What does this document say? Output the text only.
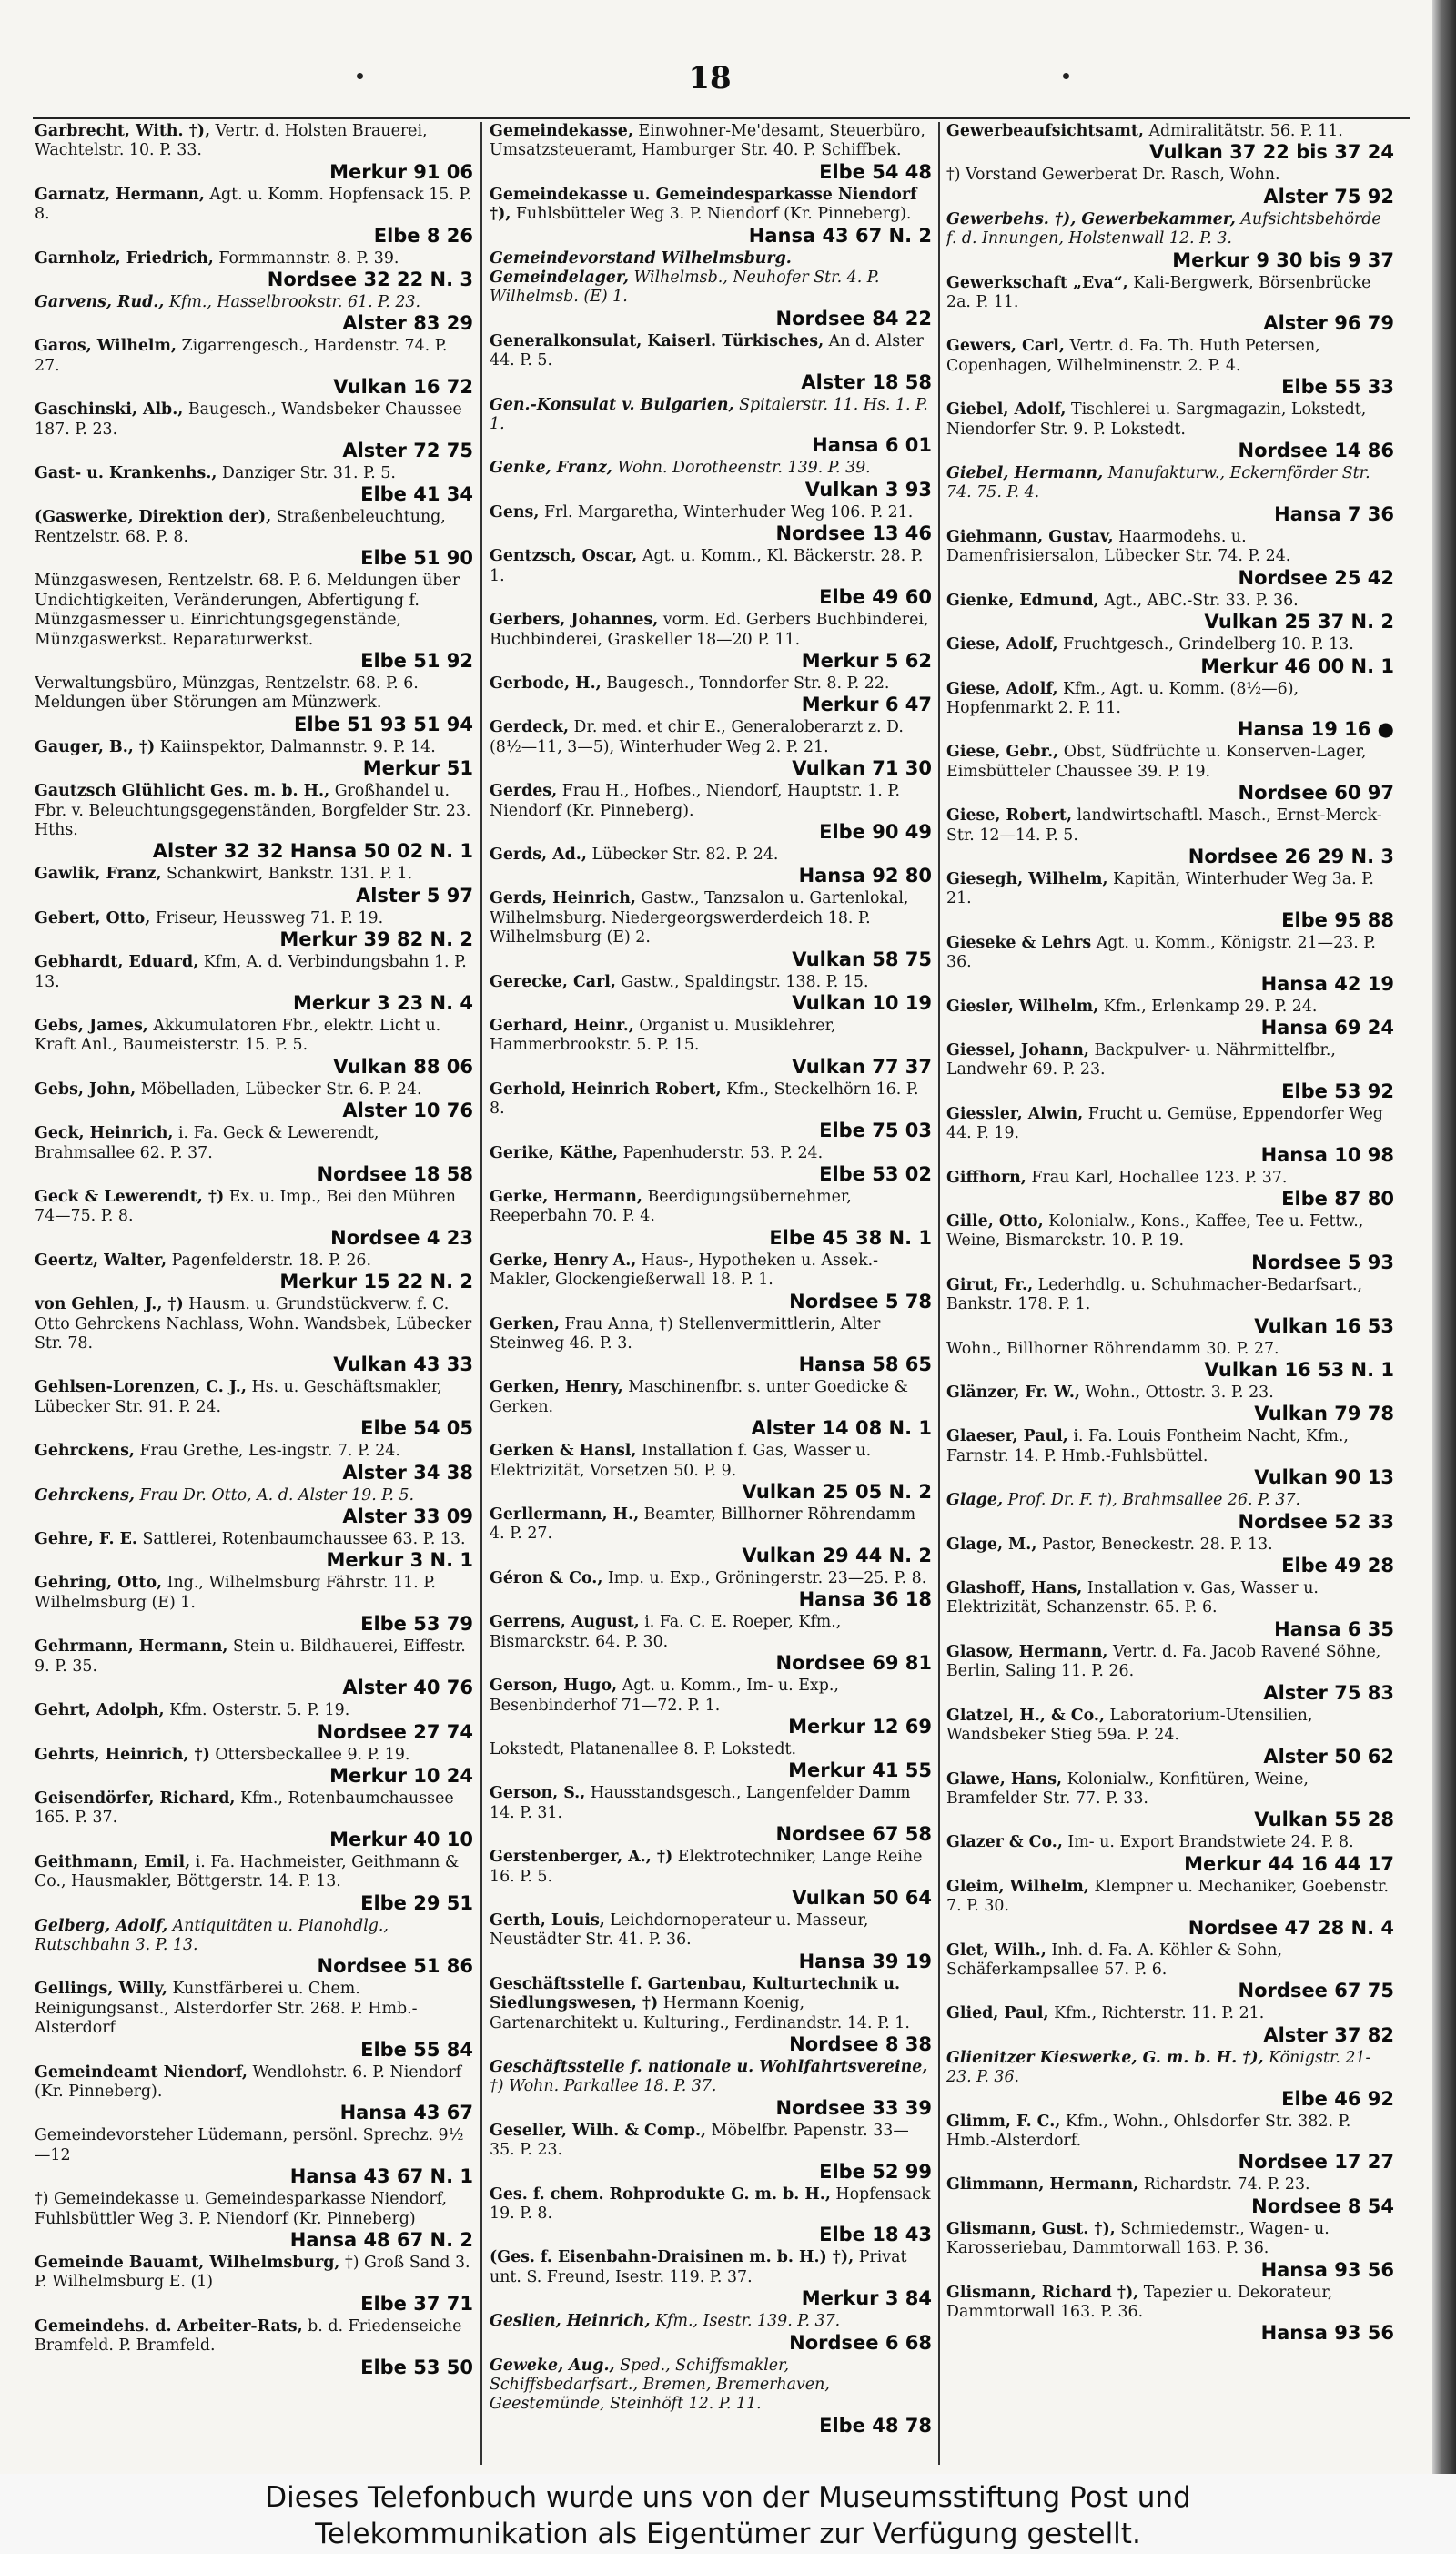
18
Garbrecht, With. †), Vertr. d. Holsten Brauerei, Wachtelstr. 10. P. 33.
Merkur 91 06
Garnatz, Hermann, Agt. u. Komm. Hopfensack 15. P. 8.
Elbe 8 26
Garnholz, Friedrich, Formmannstr. 8. P. 39.
Nordsee 32 22 N. 3
Garvens, Rud., Kfm., Hasselbrookstr. 61. P. 23.
Alster 83 29
Garos, Wilhelm, Zigarrengesch., Hardenstr. 74. P. 27.
Vulkan 16 72
Gaschinski, Alb., Baugesch., Wandsbeker Chaussee 187. P. 23.
Alster 72 75
Gast- u. Krankenhs., Danziger Str. 31. P. 5.
Elbe 41 34
(Gaswerke, Direktion der), Straßenbeleuchtung, Rentzelstr. 68. P. 8.
Elbe 51 90
Münzgaswesen, Rentzelstr. 68. P. 6. Meldungen über Undichtigkeiten, Veränderungen, Abfertigung f. Münzgasmesser u. Einrichtungsgegenstände, Münzgaswerkst. Reparaturwerkst.
Elbe 51 92
Verwaltungsbüro, Münzgas, Rentzelstr. 68. P. 6. Meldungen über Störungen am Münzwerk.
Elbe 51 93 51 94
Gauger, B., †) Kaiinspektor, Dalmannstr. 9. P. 14.
Merkur 51
Gautzsch Glühlicht Ges. m. b. H., Großhandel u. Fbr. v. Beleuchtungsgegenständen, Borgfelder Str. 23. Hths.
Alster 32 32 Hansa 50 02 N. 1
Gawlik, Franz, Schankwirt, Bankstr. 131. P. 1.
Alster 5 97
Gebert, Otto, Friseur, Heussweg 71. P. 19.
Merkur 39 82 N. 2
Gebhardt, Eduard, Kfm, A. d. Verbindungsbahn 1. P. 13.
Merkur 3 23 N. 4
Gebs, James, Akkumulatoren Fbr., elektr. Licht u. Kraft Anl., Baumeisterstr. 15. P. 5.
Vulkan 88 06
Gebs, John, Möbelladen, Lübecker Str. 6. P. 24.
Alster 10 76
Geck, Heinrich, i. Fa. Geck & Lewerendt, Brahmsallee 62. P. 37.
Nordsee 18 58
Geck & Lewerendt, †) Ex. u. Imp., Bei den Mühren 74—75. P. 8.
Nordsee 4 23
Geertz, Walter, Pagenfelderstr. 18. P. 26.
Merkur 15 22 N. 2
von Gehlen, J., †) Hausm. u. Grundstückverw. f. C. Otto Gehrckens Nachlass, Wohn. Wandsbek, Lübecker Str. 78.
Vulkan 43 33
Gehlsen-Lorenzen, C. J., Hs. u. Geschäftsmakler, Lübecker Str. 91. P. 24.
Elbe 54 05
Gehrckens, Frau Grethe, Les-ingstr. 7. P. 24.
Alster 34 38
Gehrckens, Frau Dr. Otto, A. d. Alster 19. P. 5.
Alster 33 09
Gehre, F. E. Sattlerei, Rotenbaumchaussee 63. P. 13.
Merkur 3 N. 1
Gehring, Otto, Ing., Wilhelmsburg Fährstr. 11. P. Wilhelmsburg (E) 1.
Elbe 53 79
Gehrmann, Hermann, Stein u. Bildhauerei, Eiffestr. 9. P. 35.
Alster 40 76
Gehrt, Adolph, Kfm. Osterstr. 5. P. 19.
Nordsee 27 74
Gehrts, Heinrich, †) Ottersbeckallee 9. P. 19.
Merkur 10 24
Geisendörfer, Richard, Kfm., Rotenbaumchaussee 165. P. 37.
Merkur 40 10
Geithmann, Emil, i. Fa. Hachmeister, Geithmann & Co., Hausmakler, Böttgerstr. 14. P. 13.
Elbe 29 51
Gelberg, Adolf, Antiquitäten u. Pianohdlg., Rutschbahn 3. P. 13.
Nordsee 51 86
Gellings, Willy, Kunstfärberei u. Chem. Reinigungsanst., Alsterdorfer Str. 268. P. Hmb.-Alsterdorf
Elbe 55 84
Gemeindeamt Niendorf, Wendlohstr. 6. P. Niendorf (Kr. Pinneberg).
Hansa 43 67
Gemeindevorsteher Lüdemann, persönl. Sprechz. 9½—12
Hansa 43 67 N. 1
†) Gemeindekasse u. Gemeindesparkasse Niendorf, Fuhlsbüttler Weg 3. P. Niendorf (Kr. Pinneberg)
Hansa 48 67 N. 2
Gemeinde Bauamt, Wilhelmsburg, †) Groß Sand 3. P. Wilhelmsburg E. (1)
Elbe 37 71
Gemeindehs. d. Arbeiter-Rats, b. d. Friedenseiche Bramfeld. P. Bramfeld.
Elbe 53 50
Gemeindekasse, Einwohner-Me'desamt, Steuerbüro, Umsatzsteueramt, Hamburger Str. 40. P. Schiffbek.
Elbe 54 48
Gemeindekasse u. Gemeindesparkasse Niendorf †), Fuhlsbütteler Weg 3. P. Niendorf (Kr. Pinneberg).
Hansa 43 67 N. 2
Gemeindevorstand Wilhelmsburg. Gemeindelager, Wilhelmsb., Neuhofer Str. 4. P. Wilhelmsb. (E) 1.
Nordsee 84 22
Generalkonsulat, Kaiserl. Türkisches, An d. Alster 44. P. 5.
Alster 18 58
Gen.-Konsulat v. Bulgarien, Spitalerstr. 11. Hs. 1. P. 1.
Hansa 6 01
Genke, Franz, Wohn. Dorotheenstr. 139. P. 39.
Vulkan 3 93
Gens, Frl. Margaretha, Winterhuder Weg 106. P. 21.
Nordsee 13 46
Gentzsch, Oscar, Agt. u. Komm., Kl. Bäckerstr. 28. P. 1.
Elbe 49 60
Gerbers, Johannes, vorm. Ed. Gerbers Buchbinderei, Buchbinderei, Graskeller 18—20 P. 11.
Merkur 5 62
Gerbode, H., Baugesch., Tonndorfer Str. 8. P. 22.
Merkur 6 47
Gerdeck, Dr. med. et chir E., Generaloberarzt z. D. (8½—11, 3—5), Winterhuder Weg 2. P. 21.
Vulkan 71 30
Gerdes, Frau H., Hofbes., Niendorf, Hauptstr. 1. P. Niendorf (Kr. Pinneberg).
Elbe 90 49
Gerds, Ad., Lübecker Str. 82. P. 24.
Hansa 92 80
Gerds, Heinrich, Gastw., Tanzsalon u. Gartenlokal, Wilhelmsburg. Niedergeorgswerderdeich 18. P. Wilhelmsburg (E) 2.
Vulkan 58 75
Gerecke, Carl, Gastw., Spaldingstr. 138. P. 15.
Vulkan 10 19
Gerhard, Heinr., Organist u. Musiklehrer, Hammerbrookstr. 5. P. 15.
Vulkan 77 37
Gerhold, Heinrich Robert, Kfm., Steckelhörn 16. P. 8.
Elbe 75 03
Gerike, Käthe, Papenhuderstr. 53. P. 24.
Elbe 53 02
Gerke, Hermann, Beerdigungsübernehmer, Reeperbahn 70. P. 4.
Elbe 45 38 N. 1
Gerke, Henry A., Haus-, Hypotheken u. Assek.-Makler, Glockengießerwall 18. P. 1.
Nordsee 5 78
Gerken, Frau Anna, †) Stellenvermittlerin, Alter Steinweg 46. P. 3.
Hansa 58 65
Gerken, Henry, Maschinenfbr. s. unter Goedicke & Gerken.
Alster 14 08 N. 1
Gerken & Hansl, Installation f. Gas, Wasser u. Elektrizität, Vorsetzen 50. P. 9.
Vulkan 25 05 N. 2
Gerllermann, H., Beamter, Billhorner Röhrendamm 4. P. 27.
Vulkan 29 44 N. 2
Géron & Co., Imp. u. Exp., Gröningerstr. 23—25. P. 8.
Hansa 36 18
Gerrens, August, i. Fa. C. E. Roeper, Kfm., Bismarckstr. 64. P. 30.
Nordsee 69 81
Gerson, Hugo, Agt. u. Komm., Im- u. Exp., Besenbinderhof 71—72. P. 1.
Merkur 12 69
Lokstedt, Platanenallee 8. P. Lokstedt.
Merkur 41 55
Gerson, S., Hausstandsgesch., Langenfelder Damm 14. P. 31.
Nordsee 67 58
Gerstenberger, A., †) Elektrotechniker, Lange Reihe 16. P. 5.
Vulkan 50 64
Gerth, Louis, Leichdornoperateur u. Masseur, Neustädter Str. 41. P. 36.
Hansa 39 19
Geschäftsstelle f. Gartenbau, Kulturtechnik u. Siedlungswesen, †) Hermann Koenig, Gartenarchitekt u. Kulturing., Ferdinandstr. 14. P. 1.
Nordsee 8 38
Geschäftsstelle f. nationale u. Wohlfahrtsvereine, †) Wohn. Parkallee 18. P. 37.
Nordsee 33 39
Geseller, Wilh. & Comp., Möbelfbr. Papenstr. 33—35. P. 23.
Elbe 52 99
Ges. f. chem. Rohprodukte G. m. b. H., Hopfensack 19. P. 8.
Elbe 18 43
(Ges. f. Eisenbahn-Draisinen m. b. H.) †), Privat unt. S. Freund, Isestr. 119. P. 37.
Merkur 3 84
Geslien, Heinrich, Kfm., Isestr. 139. P. 37.
Nordsee 6 68
Geweke, Aug., Sped., Schiffsmakler, Schiffsbedarfsart., Bremen, Bremerhaven, Geestemünde, Steinhöft 12. P. 11.
Elbe 48 78
Gewerbeaufsichtsamt, Admiralitätstr. 56. P. 11.
Vulkan 37 22 bis 37 24
†) Vorstand Gewerberat Dr. Rasch, Wohn.
Alster 75 92
Gewerbehs. †), Gewerbekammer, Aufsichtsbehörde f. d. Innungen, Holstenwall 12. P. 3.
Merkur 9 30 bis 9 37
Gewerkschaft „Eva“, Kali-Bergwerk, Börsenbrücke 2a. P. 11.
Alster 96 79
Gewers, Carl, Vertr. d. Fa. Th. Huth Petersen, Copenhagen, Wilhelminenstr. 2. P. 4.
Elbe 55 33
Giebel, Adolf, Tischlerei u. Sargmagazin, Lokstedt, Niendorfer Str. 9. P. Lokstedt.
Nordsee 14 86
Giebel, Hermann, Manufakturw., Eckernförder Str. 74. 75. P. 4.
Hansa 7 36
Giehmann, Gustav, Haarmodehs. u. Damenfrisiersalon, Lübecker Str. 74. P. 24.
Nordsee 25 42
Gienke, Edmund, Agt., ABC.-Str. 33. P. 36.
Vulkan 25 37 N. 2
Giese, Adolf, Fruchtgesch., Grindelberg 10. P. 13.
Merkur 46 00 N. 1
Giese, Adolf, Kfm., Agt. u. Komm. (8½—6), Hopfenmarkt 2. P. 11.
Hansa 19 16 ●
Giese, Gebr., Obst, Südfrüchte u. Konserven-Lager, Eimsbütteler Chaussee 39. P. 19.
Nordsee 60 97
Giese, Robert, landwirtschaftl. Masch., Ernst-Merck-Str. 12—14. P. 5.
Nordsee 26 29 N. 3
Giesegh, Wilhelm, Kapitän, Winterhuder Weg 3a. P. 21.
Elbe 95 88
Gieseke & Lehrs Agt. u. Komm., Königstr. 21—23. P. 36.
Hansa 42 19
Giesler, Wilhelm, Kfm., Erlenkamp 29. P. 24.
Hansa 69 24
Giessel, Johann, Backpulver- u. Nährmittelfbr., Landwehr 69. P. 23.
Elbe 53 92
Giessler, Alwin, Frucht u. Gemüse, Eppendorfer Weg 44. P. 19.
Hansa 10 98
Giffhorn, Frau Karl, Hochallee 123. P. 37.
Elbe 87 80
Gille, Otto, Kolonialw., Kons., Kaffee, Tee u. Fettw., Weine, Bismarckstr. 10. P. 19.
Nordsee 5 93
Girut, Fr., Lederhdlg. u. Schuhmacher-Bedarfsart., Bankstr. 178. P. 1.
Vulkan 16 53
Wohn., Billhorner Röhrendamm 30. P. 27.
Vulkan 16 53 N. 1
Glänzer, Fr. W., Wohn., Ottostr. 3. P. 23.
Vulkan 79 78
Glaeser, Paul, i. Fa. Louis Fontheim Nacht, Kfm., Farnstr. 14. P. Hmb.-Fuhlsbüttel.
Vulkan 90 13
Glage, Prof. Dr. F. †), Brahmsallee 26. P. 37.
Nordsee 52 33
Glage, M., Pastor, Beneckestr. 28. P. 13.
Elbe 49 28
Glashoff, Hans, Installation v. Gas, Wasser u. Elektrizität, Schanzenstr. 65. P. 6.
Hansa 6 35
Glasow, Hermann, Vertr. d. Fa. Jacob Ravené Söhne, Berlin, Saling 11. P. 26.
Alster 75 83
Glatzel, H., & Co., Laboratorium-Utensilien, Wandsbeker Stieg 59a. P. 24.
Alster 50 62
Glawe, Hans, Kolonialw., Konfitüren, Weine, Bramfelder Str. 77. P. 33.
Vulkan 55 28
Glazer & Co., Im- u. Export Brandstwiete 24. P. 8.
Merkur 44 16 44 17
Gleim, Wilhelm, Klempner u. Mechaniker, Goebenstr. 7. P. 30.
Nordsee 47 28 N. 4
Glet, Wilh., Inh. d. Fa. A. Köhler & Sohn, Schäferkampsallee 57. P. 6.
Nordsee 67 75
Glied, Paul, Kfm., Richterstr. 11. P. 21.
Alster 37 82
Glienitzer Kieswerke, G. m. b. H. †), Königstr. 21-23. P. 36.
Elbe 46 92
Glimm, F. C., Kfm., Wohn., Ohlsdorfer Str. 382. P. Hmb.-Alsterdorf.
Nordsee 17 27
Glimmann, Hermann, Richardstr. 74. P. 23.
Nordsee 8 54
Glismann, Gust. †), Schmiedemstr., Wagen- u. Karosseriebau, Dammtorwall 163. P. 36.
Hansa 93 56
Glismann, Richard †), Tapezier u. Dekorateur, Dammtorwall 163. P. 36.
Hansa 93 56
Dieses Telefonbuch wurde uns von der Museumsstiftung Post und
Telekommunikation als Eigentümer zur Verfügung gestellt.
